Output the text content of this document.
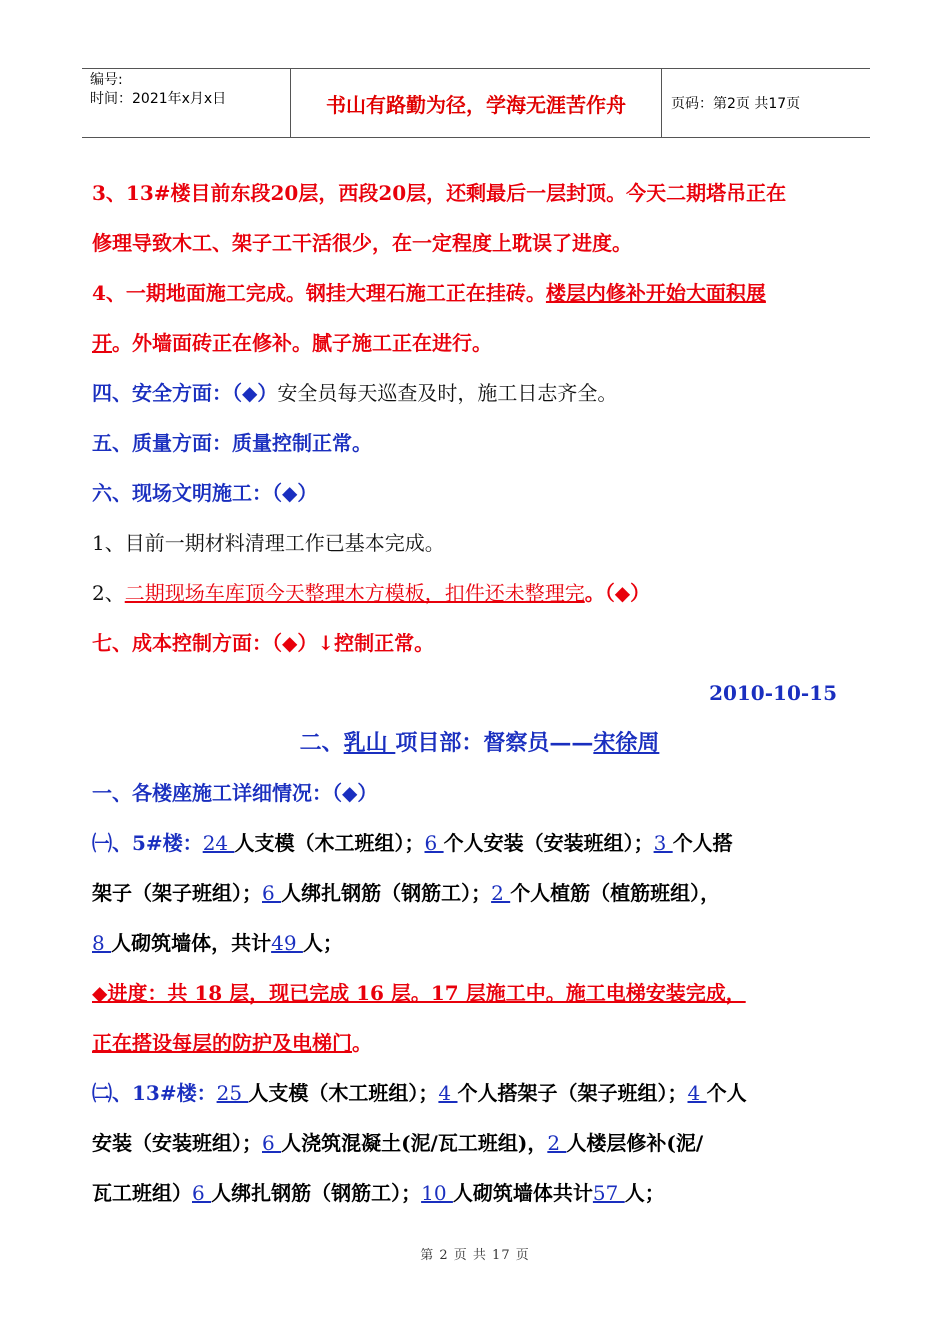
编号:
时间：2021年x月x日	书山有路勤为径，学海无涯苦作舟	页码：第2页 共17页
3、13#楼目前东段20层，西段20层，还剩最后一层封顶。今天二期塔吊正在
修理导致木工、架子工干活很少，在一定程度上耽误了进度。
4、一期地面施工完成。钢挂大理石施工正在挂砖。楼层内修补开始大面积展
开。外墙面砖正在修补。腻子施工正在进行。
四、安全方面：（◆）安全员每天巡查及时，施工日志齐全。
五、质量方面：质量控制正常。
六、现场文明施工：（◆）
1、目前一期材料清理工作已基本完成。
2、二期现场车库顶今天整理木方模板，扣件还未整理完。（◆）
七、成本控制方面：（◆）↓控制正常。
2010-10-15
二、乳山 项目部：督察员——宋徐周
一、各楼座施工详细情况：（◆）
㈠、5#楼：24 人支模（木工班组）；6 个人安装（安装班组）；3 个人搭
架子（架子班组）；6 人绑扎钢筋（钢筋工）；2 个人植筋（植筋班组），
8 人砌筑墙体，共计49 人；
◆进度：共 18 层，现已完成 16 层。17 层施工中。施工电梯安装完成，
正在搭设每层的防护及电梯门。
㈡、13#楼：25 人支模（木工班组）；4 个人搭架子（架子班组）；4 个人
安装（安装班组）；6 人浇筑混凝土(泥/瓦工班组)，2 人楼层修补(泥/
瓦工班组）6 人绑扎钢筋（钢筋工）；10 人砌筑墙体共计57 人；
第 2 页 共 17 页
